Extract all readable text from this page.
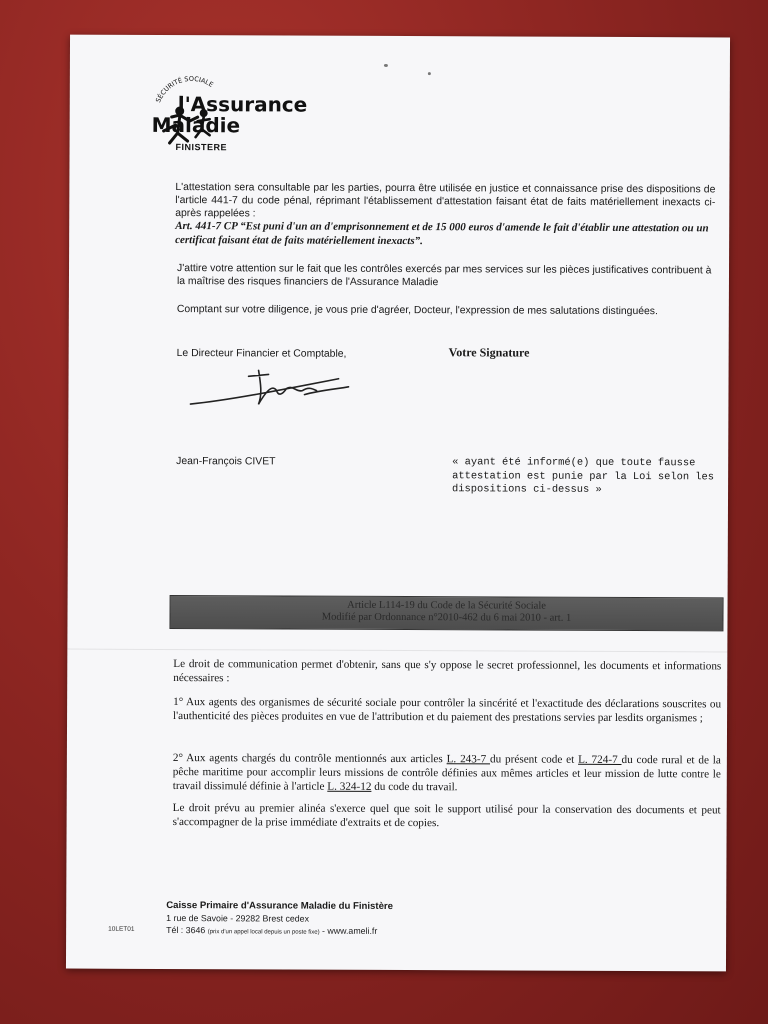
SÉCURITÉ SOCIALE
l'Assurance
Maladie
FINISTERE
L'attestation sera consultable par les parties, pourra être utilisée en justice et connaissance prise des dispositions de l'article 441-7 du code pénal, réprimant l'établissement d'attestation faisant état de faits matériellement inexacts ci-après rappelées :
Art. 441-7 CP “Est puni d'un an d'emprisonnement et de 15 000 euros d'amende le fait d'établir une attestation ou un certificat faisant état de faits matériellement inexacts”.
J'attire votre attention sur le fait que les contrôles exercés par mes services sur les pièces justificatives contribuent à la maîtrise des risques financiers de l'Assurance Maladie
Comptant sur votre diligence, je vous prie d'agréer, Docteur, l'expression de mes salutations distinguées.
Le Directeur Financier et Comptable,	Votre Signature
Jean-François CIVET	« ayant été informé(e) que toute fausse attestation est punie par la Loi selon les dispositions ci-dessus »
Article L114-19 du Code de la Sécurité Sociale
Modifié par Ordonnance n°2010-462 du 6 mai 2010 - art. 1
Le droit de communication permet d'obtenir, sans que s'y oppose le secret professionnel, les documents et informations nécessaires :
1° Aux agents des organismes de sécurité sociale pour contrôler la sincérité et l'exactitude des déclarations souscrites ou l'authenticité des pièces produites en vue de l'attribution et du paiement des prestations servies par lesdits organismes ;
2° Aux agents chargés du contrôle mentionnés aux articles L. 243-7 du présent code et L. 724-7 du code rural et de la pêche maritime pour accomplir leurs missions de contrôle définies aux mêmes articles et leur mission de lutte contre le travail dissimulé définie à l'article L. 324-12 du code du travail.
Le droit prévu au premier alinéa s'exerce quel que soit le support utilisé pour la conservation des documents et peut s'accompagner de la prise immédiate d'extraits et de copies.
10LET01
Caisse Primaire d'Assurance Maladie du Finistère
1 rue de Savoie - 29282 Brest cedex
Tél : 3646 (prix d'un appel local depuis un poste fixe) - www.ameli.fr
